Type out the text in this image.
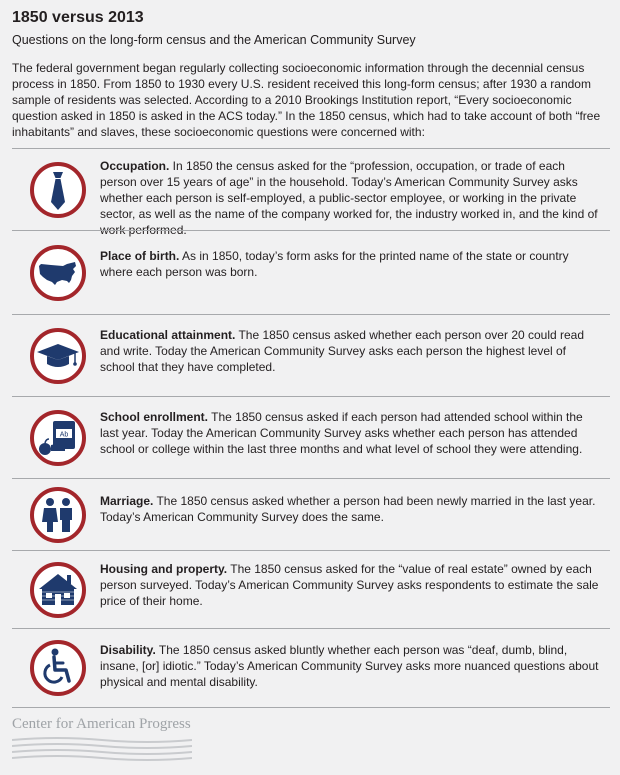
1850 versus 2013
Questions on the long-form census and the American Community Survey
The federal government began regularly collecting socioeconomic information through the decennial census process in 1850. From 1850 to 1930 every U.S. resident received this long-form census; after 1930 a random sample of residents was selected. According to a 2010 Brookings Institution report, “Every socioeconomic question asked in 1850 is asked in the ACS today.” In the 1850 census, which had to take account of both “free inhabitants” and slaves, these socioeconomic questions were concerned with:
Occupation. In 1850 the census asked for the “profession, occupation, or trade of each person over 15 years of age” in the household. Today’s American Community Survey asks whether each person is self-employed, a public-sector employee, or working in the private sector, as well as the name of the company worked for, the industry worked in, and the kind of work performed.
Place of birth. As in 1850, today’s form asks for the printed name of the state or country where each person was born.
Educational attainment. The 1850 census asked whether each person over 20 could read and write. Today the American Community Survey asks each person the highest level of school that they have completed.
Ab
School enrollment. The 1850 census asked if each person had attended school within the last year. Today the American Community Survey asks whether each person has attended school or college within the last three months and what level of school they were attending.
Marriage. The 1850 census asked whether a person had been newly married in the last year. Today’s American Community Survey does the same.
Housing and property. The 1850 census asked for the “value of real estate” owned by each person surveyed. Today’s American Community Survey asks respondents to estimate the sale price of their home.
Disability. The 1850 census asked bluntly whether each person was “deaf, dumb, blind, insane, [or] idiotic.” Today’s American Community Survey asks more nuanced questions about physical and mental disability.
Center for American Progress
